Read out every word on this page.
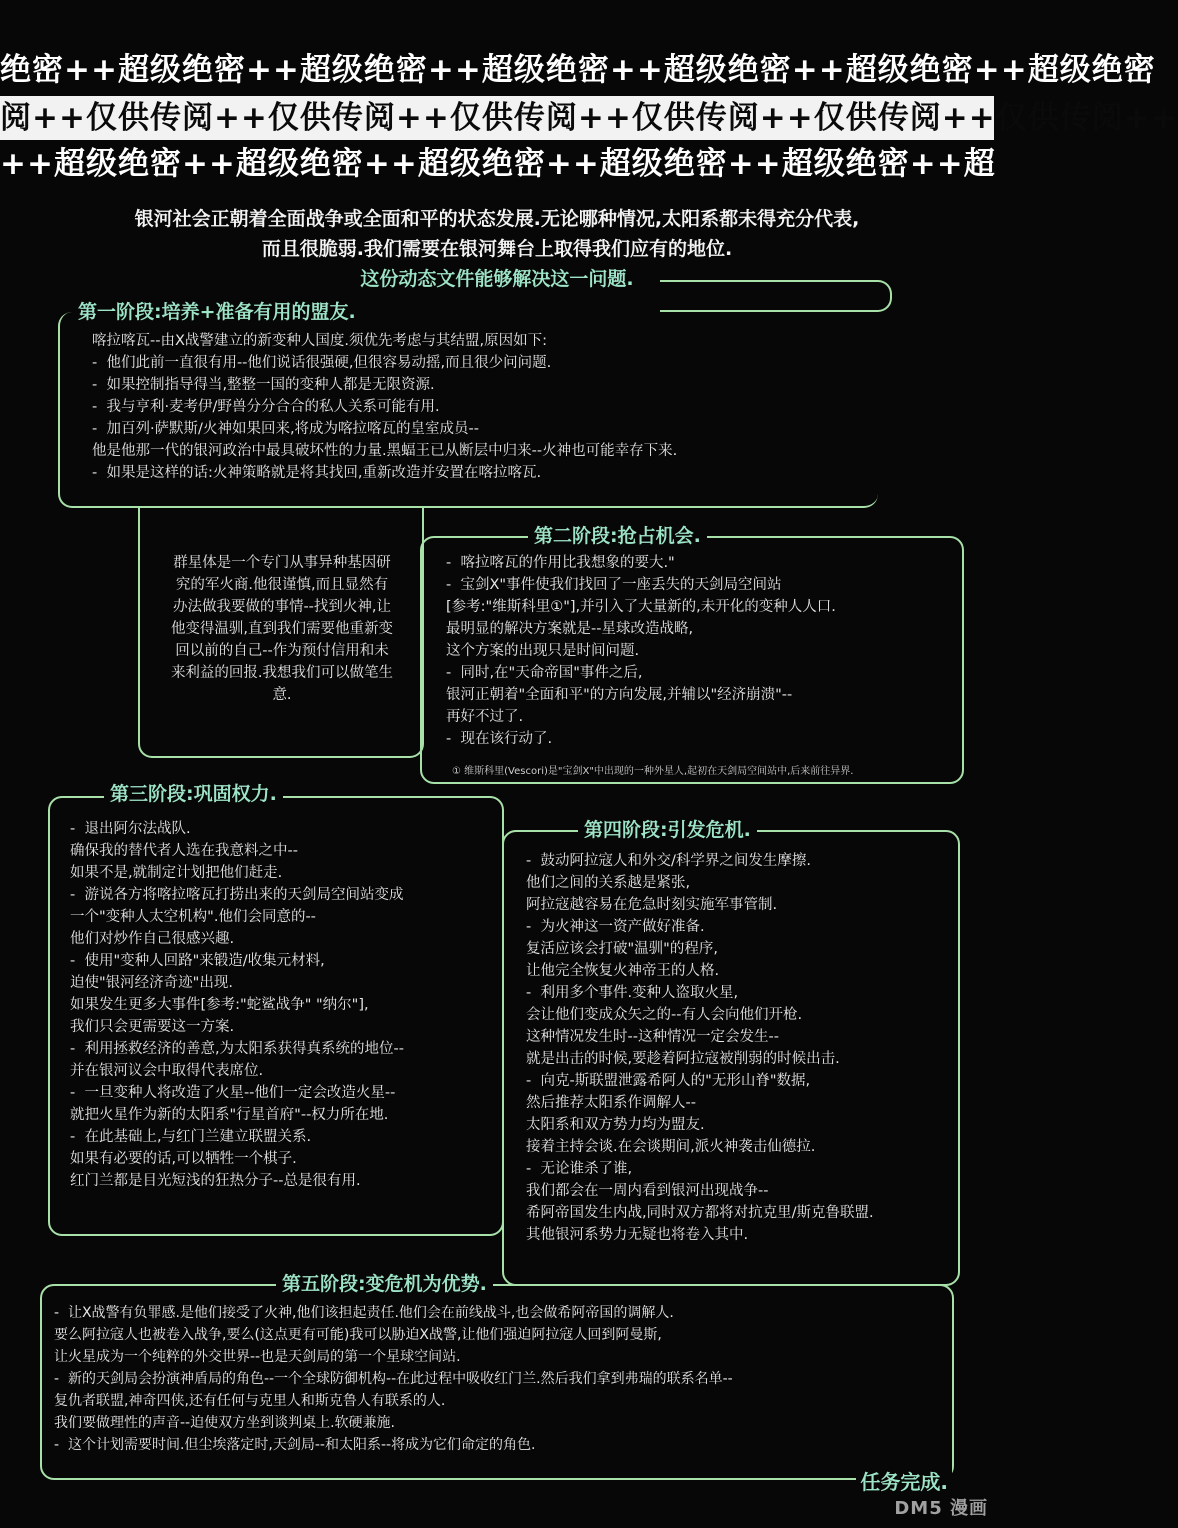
绝密++超级绝密++超级绝密++超级绝密++超级绝密++超级绝密++超级绝密
阅++仅供传阅++仅供传阅++仅供传阅++仅供传阅++仅供传阅++仅供传阅++
++超级绝密++超级绝密++超级绝密++超级绝密++超级绝密++超
银河社会正朝着全面战争或全面和平的状态发展.无论哪种情况,太阳系都未得充分代表,
而且很脆弱.我们需要在银河舞台上取得我们应有的地位.
这份动态文件能够解决这一问题.
第一阶段:培养+准备有用的盟友.
喀拉喀瓦--由X战警建立的新变种人国度.须优先考虑与其结盟,原因如下:
-  他们此前一直很有用--他们说话很强硬,但很容易动摇,而且很少问问题.
-  如果控制指导得当,整整一国的变种人都是无限资源.
-  我与亨利·麦考伊/野兽分分合合的私人关系可能有用.
-  加百列·萨默斯/火神如果回来,将成为喀拉喀瓦的皇室成员--
他是他那一代的银河政治中最具破坏性的力量.黑蝠王已从断层中归来--火神也可能幸存下来.
-  如果是这样的话:火神策略就是将其找回,重新改造并安置在喀拉喀瓦.
群星体是一个专门从事异种基因研究的军火商.他很谨慎,而且显然有办法做我要做的事情--找到火神,让他变得温驯,直到我们需要他重新变回以前的自己--作为预付信用和未来利益的回报.我想我们可以做笔生意.
第二阶段:抢占机会.
-  喀拉喀瓦的作用比我想象的要大."
-  宝剑X"事件使我们找回了一座丢失的天剑局空间站
[参考:"维斯科里①"],并引入了大量新的,未开化的变种人人口.
最明显的解决方案就是--星球改造战略,
这个方案的出现只是时间问题.
-  同时,在"天命帝国"事件之后,
银河正朝着"全面和平"的方向发展,并辅以"经济崩溃"--
再好不过了.
-  现在该行动了.
① 维斯科里(Vescori)是"宝剑X"中出现的一种外星人,起初在天剑局空间站中,后来前往异界.
第三阶段:巩固权力.
-  退出阿尔法战队.
确保我的替代者人选在我意料之中--
如果不是,就制定计划把他们赶走.
-  游说各方将喀拉喀瓦打捞出来的天剑局空间站变成
一个"变种人太空机构".他们会同意的--
他们对炒作自己很感兴趣.
-  使用"变种人回路"来锻造/收集元材料,
迫使"银河经济奇迹"出现.
如果发生更多大事件[参考:"蛇鲨战争" "纳尔"],
我们只会更需要这一方案.
-  利用拯救经济的善意,为太阳系获得真系统的地位--
并在银河议会中取得代表席位.
-  一旦变种人将改造了火星--他们一定会改造火星--
就把火星作为新的太阳系"行星首府"--权力所在地.
-  在此基础上,与红门兰建立联盟关系.
如果有必要的话,可以牺牲一个棋子.
红门兰都是目光短浅的狂热分子--总是很有用.
第四阶段:引发危机.
-  鼓动阿拉寇人和外交/科学界之间发生摩擦.
他们之间的关系越是紧张,
阿拉寇越容易在危急时刻实施军事管制.
-  为火神这一资产做好准备.
复活应该会打破"温驯"的程序,
让他完全恢复火神帝王的人格.
-  利用多个事件.变种人盗取火星,
会让他们变成众矢之的--有人会向他们开枪.
这种情况发生时--这种情况一定会发生--
就是出击的时候,要趁着阿拉寇被削弱的时候出击.
-  向克-斯联盟泄露希阿人的"无形山脊"数据,
然后推荐太阳系作调解人--
太阳系和双方势力均为盟友.
接着主持会谈.在会谈期间,派火神袭击仙德拉.
-  无论谁杀了谁,
我们都会在一周内看到银河出现战争--
希阿帝国发生内战,同时双方都将对抗克里/斯克鲁联盟.
其他银河系势力无疑也将卷入其中.
第五阶段:变危机为优势.
-  让X战警有负罪感.是他们接受了火神,他们该担起责任.他们会在前线战斗,也会做希阿帝国的调解人.
要么阿拉寇人也被卷入战争,要么(这点更有可能)我可以胁迫X战警,让他们强迫阿拉寇人回到阿曼斯,
让火星成为一个纯粹的外交世界--也是天剑局的第一个星球空间站.
-  新的天剑局会扮演神盾局的角色--一个全球防御机构--在此过程中吸收红门兰.然后我们拿到弗瑞的联系名单--
复仇者联盟,神奇四侠,还有任何与克里人和斯克鲁人有联系的人.
我们要做理性的声音--迫使双方坐到谈判桌上.软硬兼施.
-  这个计划需要时间.但尘埃落定时,天剑局--和太阳系--将成为它们命定的角色.
任务完成.
DM5 漫画
